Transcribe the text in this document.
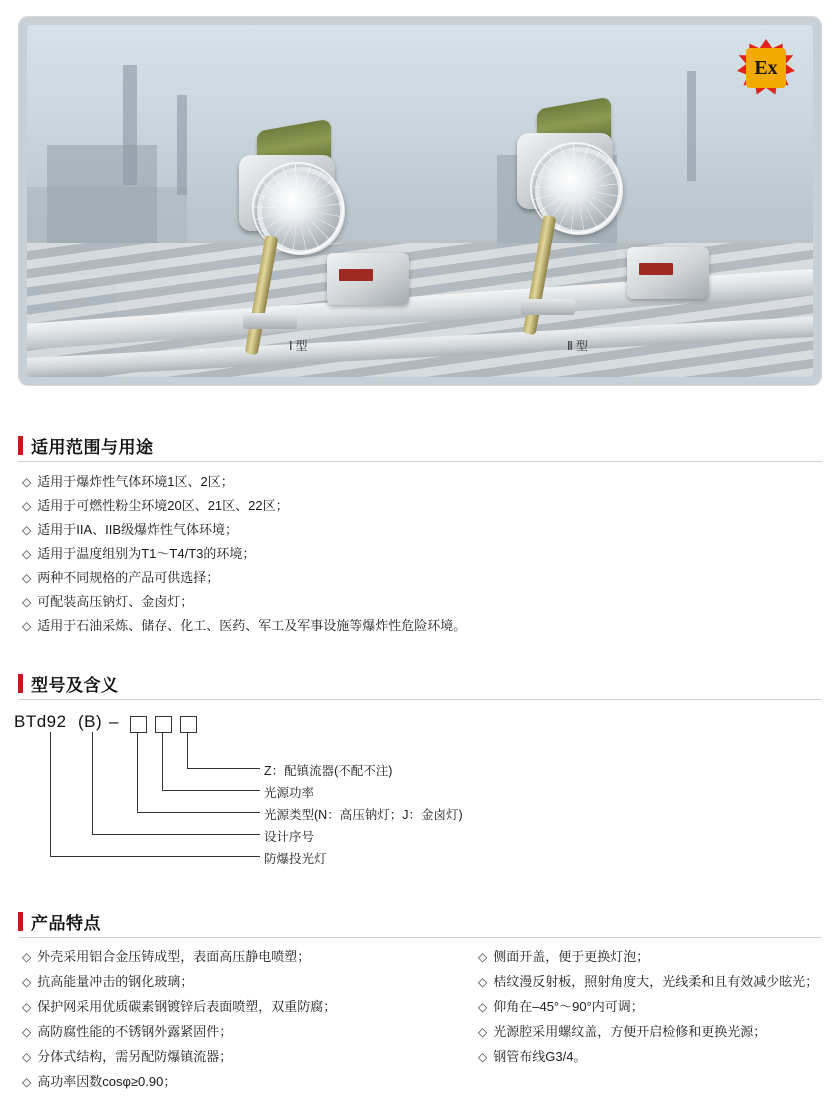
Ⅰ 型	Ⅱ 型
Ex
适用范围与用途
◇ 适用于爆炸性气体环境1区、2区；
◇ 适用于可燃性粉尘环境20区、21区、22区；
◇ 适用于IIA、IIB级爆炸性气体环境；
◇ 适用于温度组别为T1～T4/T3的环境；
◇ 两种不同规格的产品可供选择；
◇ 可配装高压钠灯、金卤灯；
◇ 适用于石油采炼、储存、化工、医药、军工及军事设施等爆炸性危险环境。
型号及含义
BTd92 (B) –
Z：配镇流器(不配不注)
光源功率
光源类型(N：高压钠灯；J：金卤灯)
设计序号
防爆投光灯
产品特点
◇ 外壳采用铝合金压铸成型，表面高压静电喷塑；
◇ 抗高能量冲击的钢化玻璃；
◇ 保护网采用优质碳素钢镀锌后表面喷塑，双重防腐；
◇ 高防腐性能的不锈钢外露紧固件；
◇ 分体式结构，需另配防爆镇流器；
◇ 高功率因数cosφ≥0.90；
◇ 侧面开盖，便于更换灯泡；
◇ 桔纹漫反射板，照射角度大，光线柔和且有效减少眩光；
◇ 仰角在–45°～90°内可调；
◇ 光源腔采用螺纹盖，方便开启检修和更换光源；
◇ 钢管布线G3/4。
